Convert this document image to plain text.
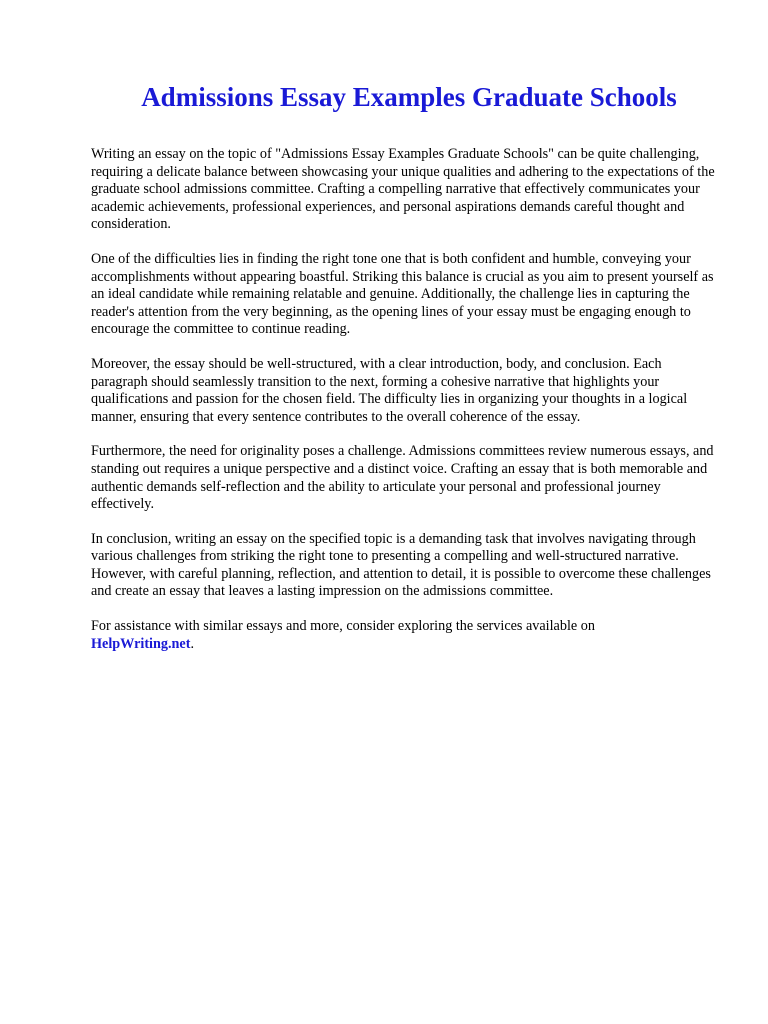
Admissions Essay Examples Graduate Schools

Writing an essay on the topic of "Admissions Essay Examples Graduate Schools" can be quite challenging, requiring a delicate balance between showcasing your unique qualities and adhering to the expectations of the graduate school admissions committee. Crafting a compelling narrative that effectively communicates your academic achievements, professional experiences, and personal aspirations demands careful thought and consideration.

One of the difficulties lies in finding the right tone one that is both confident and humble, conveying your accomplishments without appearing boastful. Striking this balance is crucial as you aim to present yourself as an ideal candidate while remaining relatable and genuine. Additionally, the challenge lies in capturing the reader's attention from the very beginning, as the opening lines of your essay must be engaging enough to encourage the committee to continue reading.

Moreover, the essay should be well-structured, with a clear introduction, body, and conclusion. Each paragraph should seamlessly transition to the next, forming a cohesive narrative that highlights your qualifications and passion for the chosen field. The difficulty lies in organizing your thoughts in a logical manner, ensuring that every sentence contributes to the overall coherence of the essay.

Furthermore, the need for originality poses a challenge. Admissions committees review numerous essays, and standing out requires a unique perspective and a distinct voice. Crafting an essay that is both memorable and authentic demands self-reflection and the ability to articulate your personal and professional journey effectively.

In conclusion, writing an essay on the specified topic is a demanding task that involves navigating through various challenges from striking the right tone to presenting a compelling and well-structured narrative. However, with careful planning, reflection, and attention to detail, it is possible to overcome these challenges and create an essay that leaves a lasting impression on the admissions committee.

For assistance with similar essays and more, consider exploring the services available on
HelpWriting.net.
